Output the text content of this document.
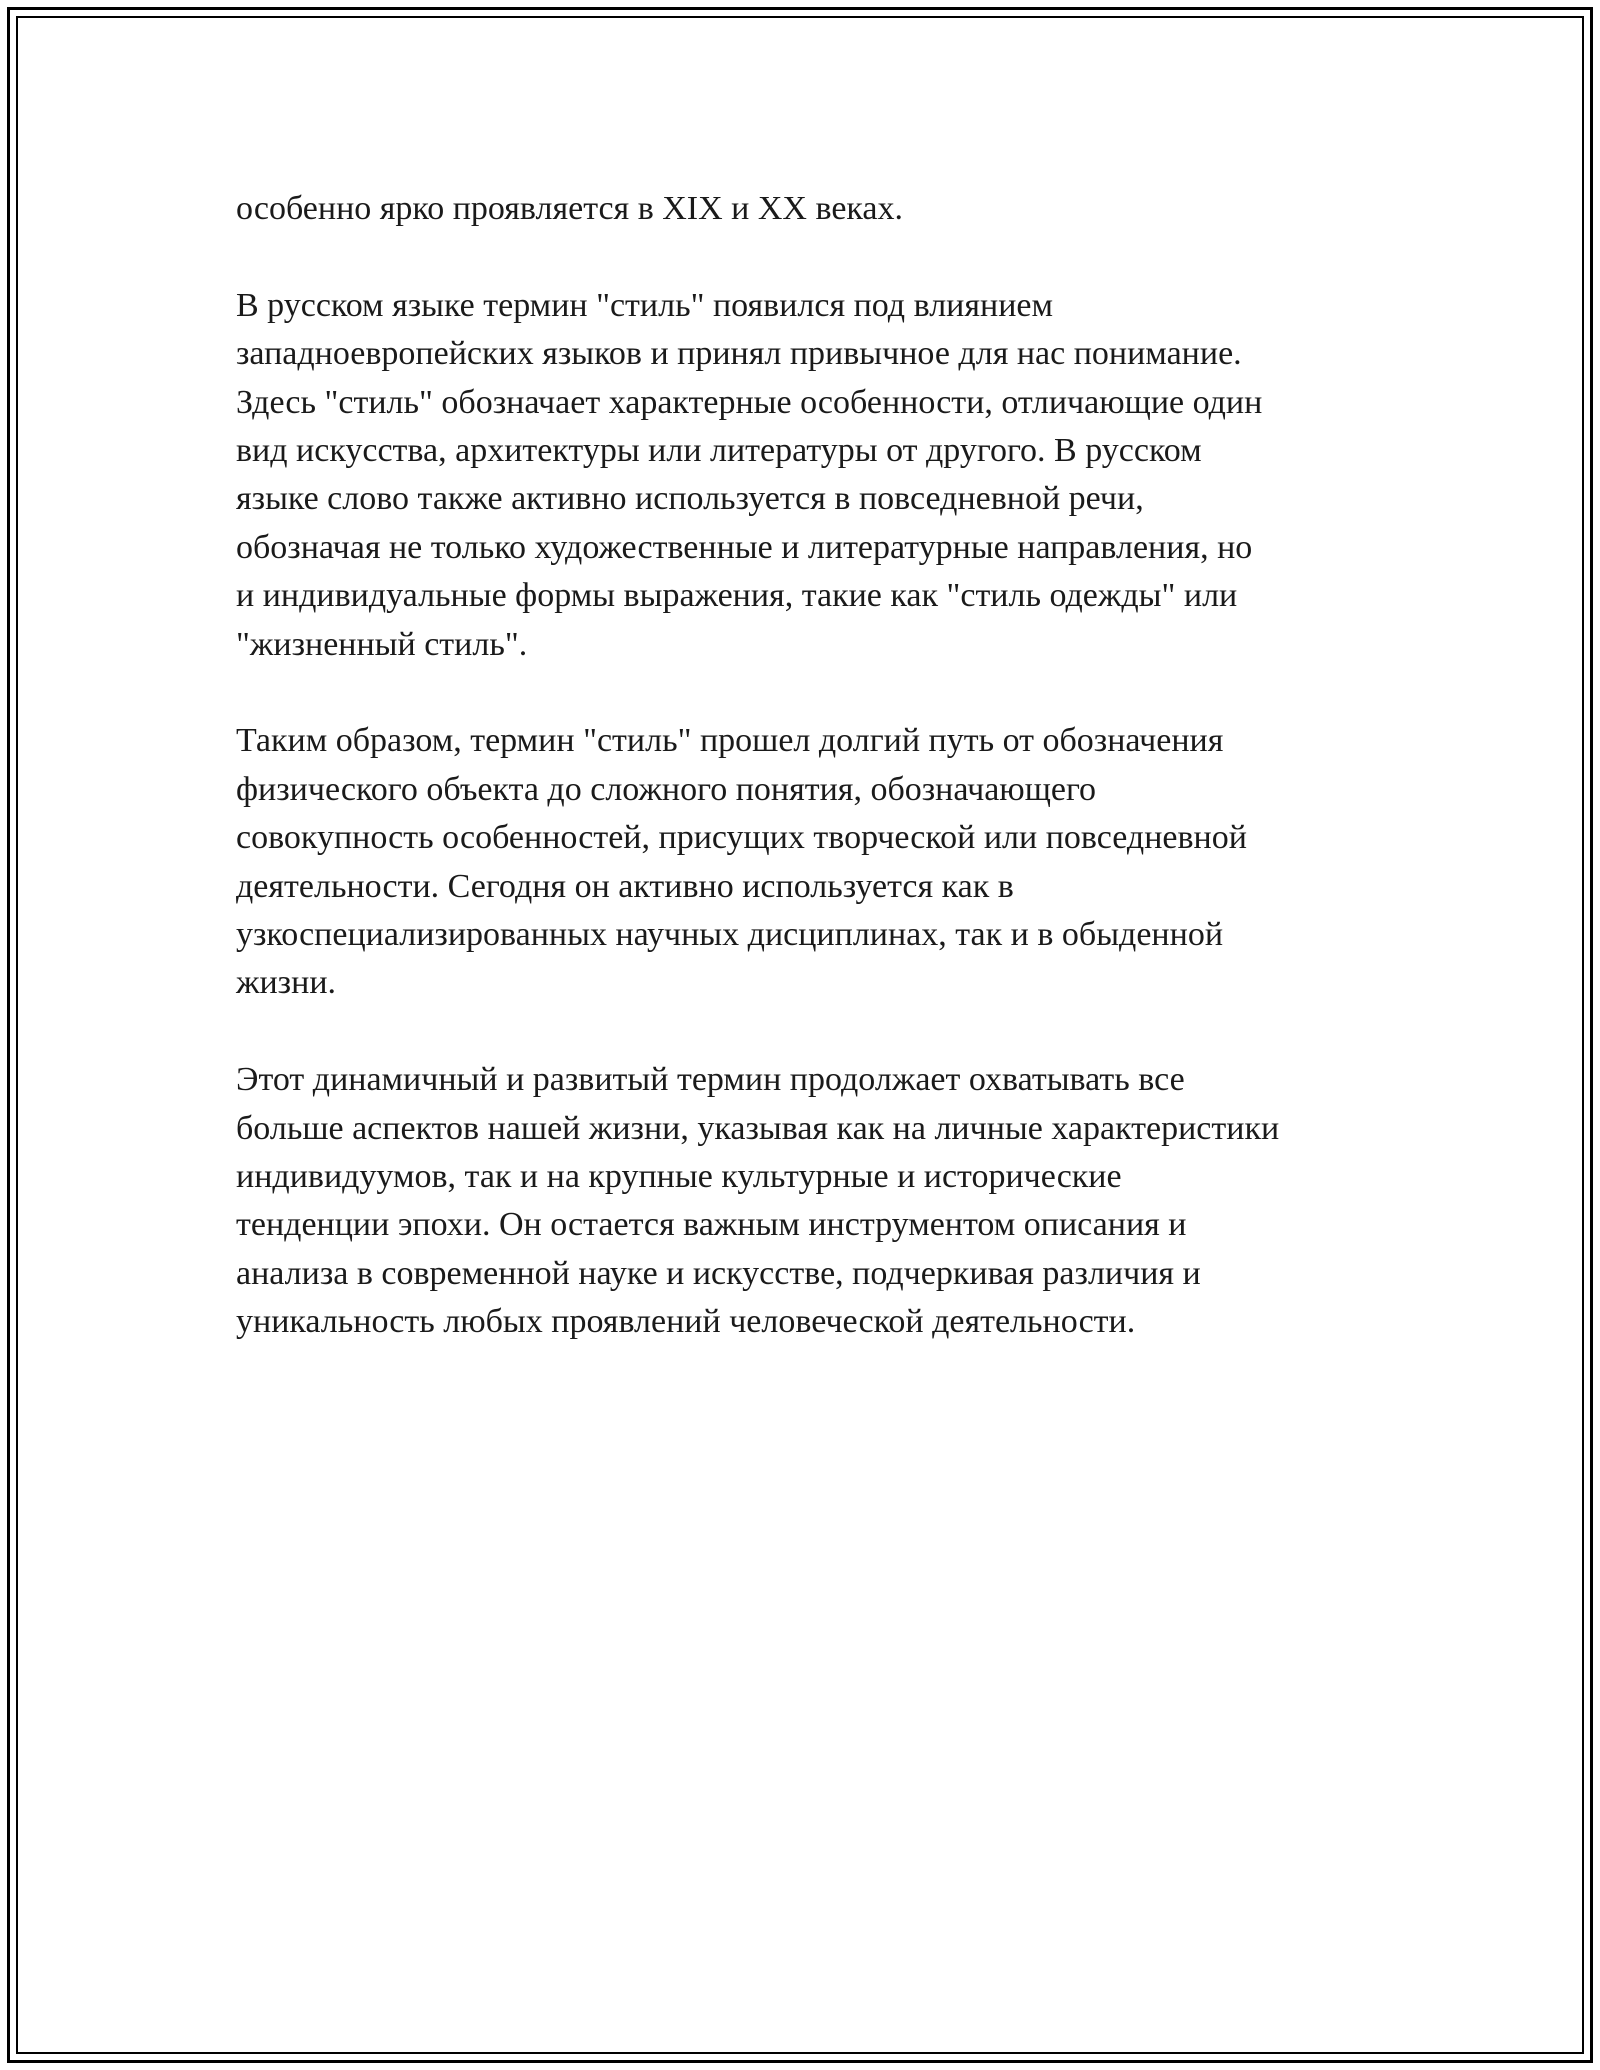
особенно ярко проявляется в XIX и XX веках.

В русском языке термин "стиль" появился под влиянием
западноевропейских языков и принял привычное для нас понимание.
Здесь "стиль" обозначает характерные особенности, отличающие один
вид искусства, архитектуры или литературы от другого. В русском
языке слово также активно используется в повседневной речи,
обозначая не только художественные и литературные направления, но
и индивидуальные формы выражения, такие как "стиль одежды" или
"жизненный стиль".

Таким образом, термин "стиль" прошел долгий путь от обозначения
физического объекта до сложного понятия, обозначающего
совокупность особенностей, присущих творческой или повседневной
деятельности. Сегодня он активно используется как в
узкоспециализированных научных дисциплинах, так и в обыденной
жизни.

Этот динамичный и развитый термин продолжает охватывать все
больше аспектов нашей жизни, указывая как на личные характеристики
индивидуумов, так и на крупные культурные и исторические
тенденции эпохи. Он остается важным инструментом описания и
анализа в современной науке и искусстве, подчеркивая различия и
уникальность любых проявлений человеческой деятельности.
